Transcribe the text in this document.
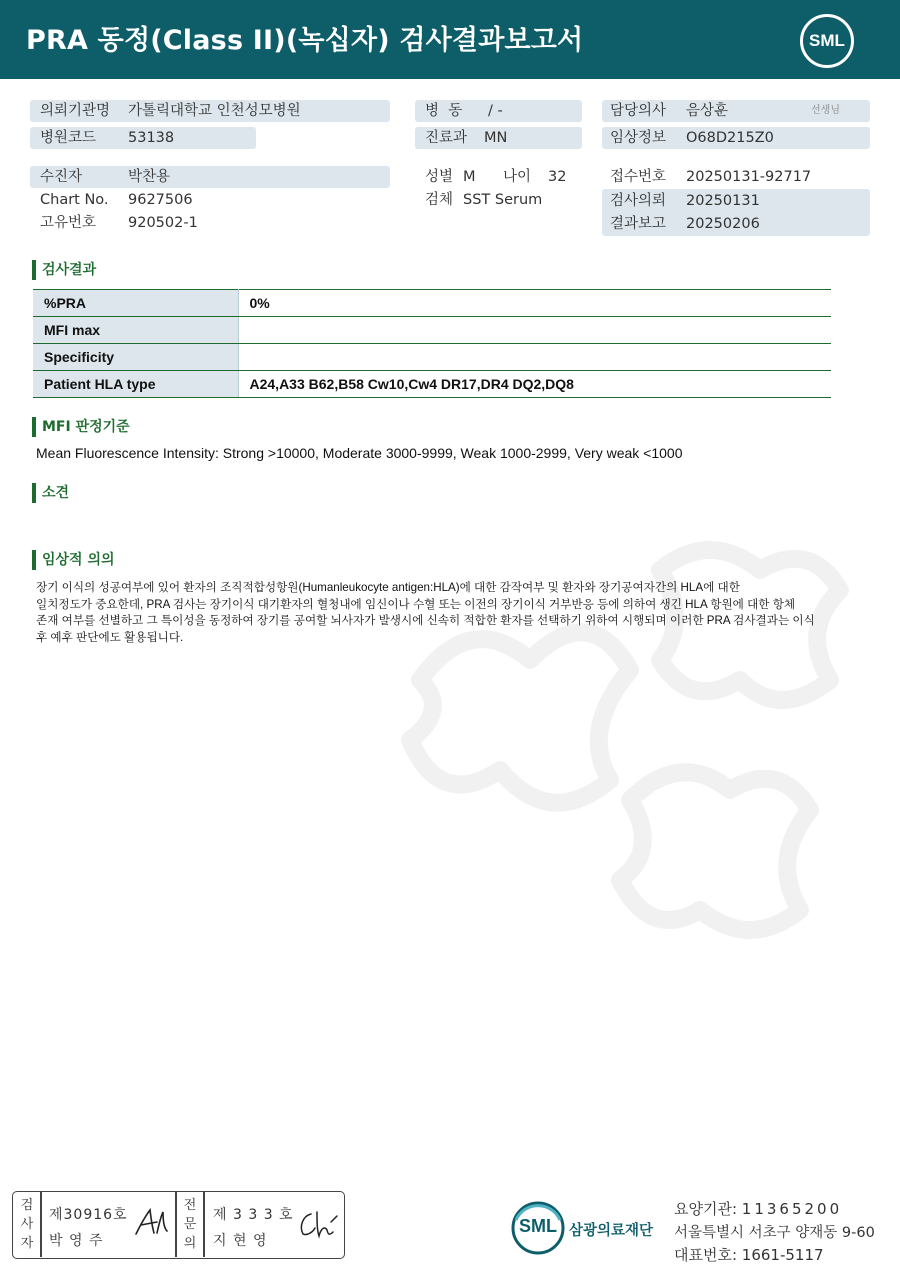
PRA 동정(Class II)(녹십자) 검사결과보고서	SML
의뢰기관명 가톨릭대학교 인천성모병원
병원코드 53138
병  동 / -
진료과 MN
담당의사 음상훈	선생님
임상정보 O68D215Z0
수진자	박찬용
Chart No. 9627506
고유번호 920502-1
성별 M 나이 32
검체 SST Serum
접수번호 20250131-92717
검사의뢰 20250131
결과보고 20250206
검사결과
%PRA	0%
MFI max	
Specificity	
Patient HLA type	A24,A33 B62,B58 Cw10,Cw4 DR17,DR4 DQ2,DQ8
MFI 판정기준
Mean Fluorescence Intensity: Strong >10000, Moderate 3000-9999, Weak 1000-2999, Very weak <1000
소견
임상적 의의
장기 이식의 성공여부에 있어 환자의 조직적합성항원(Humanleukocyte antigen:HLA)에 대한 감작여부 및 환자와 장기공여자간의 HLA에 대한
일치정도가 중요한데, PRA 검사는 장기이식 대기환자의 혈청내에 임신이나 수혈 또는 이전의 장기이식 거부반응 등에 의하여 생긴 HLA 항원에 대한 항체
존재 여부를 선별하고 그 특이성을 동정하여 장기를 공여할 뇌사자가 발생시에 신속히 적합한 환자를 선택하기 위하여 시행되며 이러한 PRA 검사결과는 이식
후 예후 판단에도 활용됩니다.
검
사
자
제30916호
박 영 주
전
문
의
제 3 3 3 호
지 현 영
SML 삼광의료재단
요양기관: 11365200
서울특별시 서초구 양재동 9-60
대표번호: 1661-5117
